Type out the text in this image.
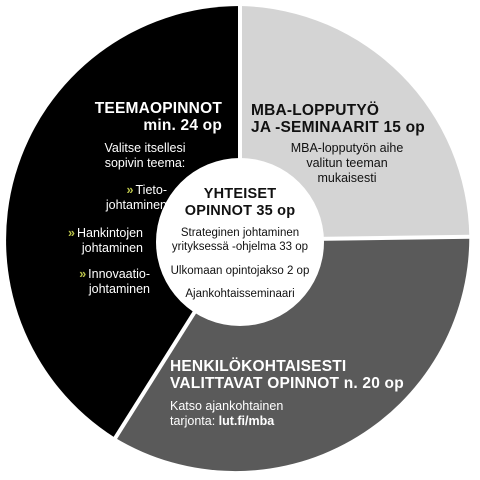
TEEMAOPINNOT
min. 24 op
Valitse itsellesi
sopivin teema:
» Tieto-
johtaminen
» Hankintojen
johtaminen
» Innovaatio-
johtaminen
MBA-LOPPUTYÖ
JA -SEMINAARIT 15 op
MBA-lopputyön aihe
valitun teeman
mukaisesti
YHTEISET
OPINNOT 35 op
Strateginen johtaminen
yrityksessä -ohjelma 33 op
Ulkomaan opintojakso 2 op
Ajankohtaisseminaari
HENKILÖKOHTAISESTI
VALITTAVAT OPINNOT n. 20 op
Katso ajankohtainen
tarjonta: lut.fi/mba
